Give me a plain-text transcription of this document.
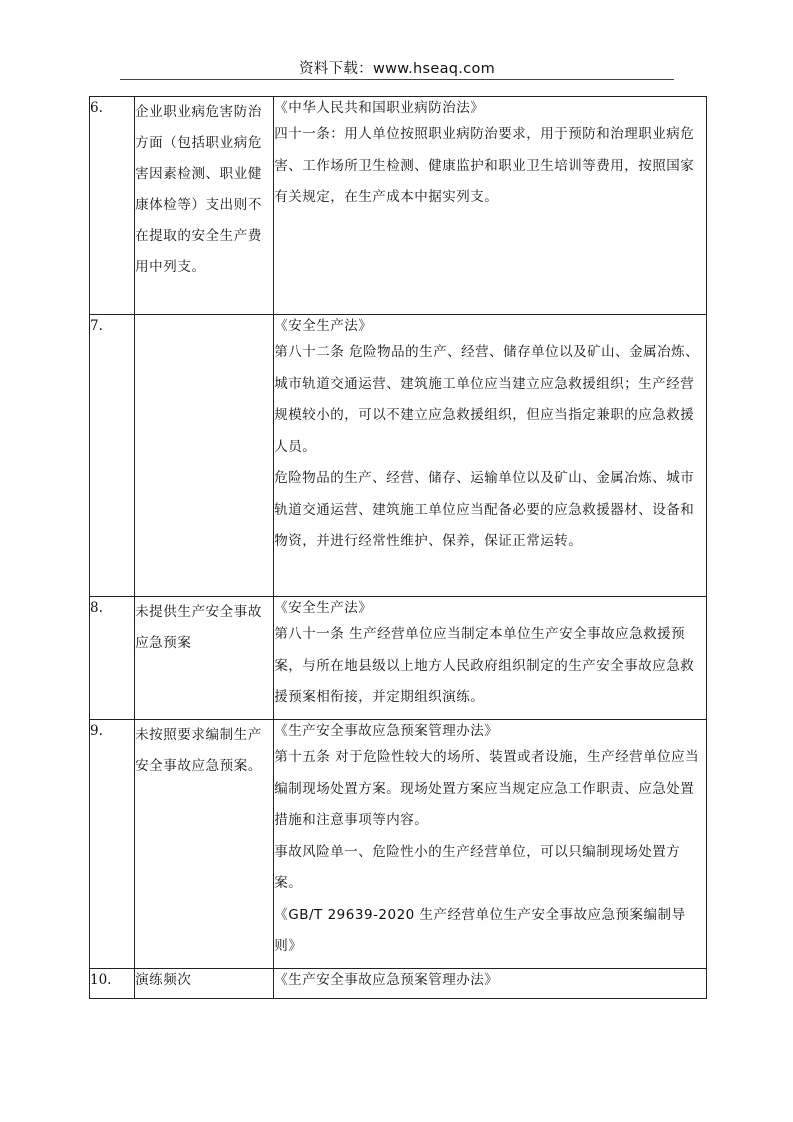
资料下载：www.hseaq.com
6.	企业职业病危害防治方面（包括职业病危害因素检测、职业健康体检等）支出则不在提取的安全生产费用中列支。	《中华人民共和国职业病防治法》
四十一条：用人单位按照职业病防治要求，用于预防和治理职业病危害、工作场所卫生检测、健康监护和职业卫生培训等费用，按照国家有关规定，在生产成本中据实列支。

7.		《安全生产法》
第八十二条 危险物品的生产、经营、储存单位以及矿山、金属冶炼、城市轨道交通运营、建筑施工单位应当建立应急救援组织；生产经营规模较小的，可以不建立应急救援组织，但应当指定兼职的应急救援人员。
危险物品的生产、经营、储存、运输单位以及矿山、金属冶炼、城市轨道交通运营、建筑施工单位应当配备必要的应急救援器材、设备和物资，并进行经常性维护、保养，保证正常运转。

8.	未提供生产安全事故应急预案	《安全生产法》
第八十一条 生产经营单位应当制定本单位生产安全事故应急救援预案，与所在地县级以上地方人民政府组织制定的生产安全事故应急救援预案相衔接，并定期组织演练。

9.	未按照要求编制生产安全事故应急预案。	《生产安全事故应急预案管理办法》
第十五条 对于危险性较大的场所、装置或者设施，生产经营单位应当编制现场处置方案。现场处置方案应当规定应急工作职责、应急处置措施和注意事项等内容。
事故风险单一、危险性小的生产经营单位，可以只编制现场处置方案。
《GB/T 29639-2020 生产经营单位生产安全事故应急预案编制导则》

10.	演练频次	《生产安全事故应急预案管理办法》
